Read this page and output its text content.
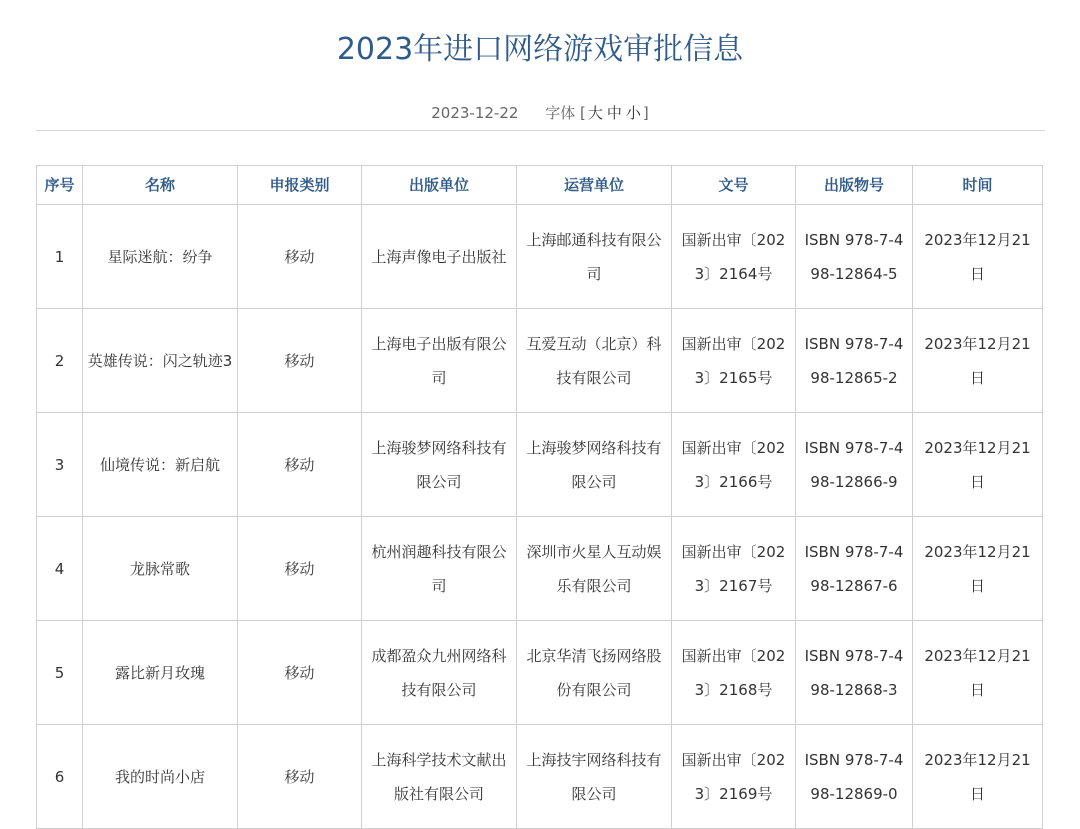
2023年进口网络游戏审批信息
2023-12-22 字体 [ 大 中 小 ]
序号	名称	申报类别	出版单位	运营单位	文号	出版物号	时间
1	星际迷航：纷争	移动	上海声像电子出版社	上海邮通科技有限公司	国新出审〔2023〕2164号	ISBN 978-7-498-12864-5	2023年12月21日
2	英雄传说：闪之轨迹3	移动	上海电子出版有限公司	互爱互动（北京）科技有限公司	国新出审〔2023〕2165号	ISBN 978-7-498-12865-2	2023年12月21日
3	仙境传说：新启航	移动	上海骏梦网络科技有限公司	上海骏梦网络科技有限公司	国新出审〔2023〕2166号	ISBN 978-7-498-12866-9	2023年12月21日
4	龙脉常歌	移动	杭州润趣科技有限公司	深圳市火星人互动娱乐有限公司	国新出审〔2023〕2167号	ISBN 978-7-498-12867-6	2023年12月21日
5	露比新月玫瑰	移动	成都盈众九州网络科技有限公司	北京华清飞扬网络股份有限公司	国新出审〔2023〕2168号	ISBN 978-7-498-12868-3	2023年12月21日
6	我的时尚小店	移动	上海科学技术文献出版社有限公司	上海技宇网络科技有限公司	国新出审〔2023〕2169号	ISBN 978-7-498-12869-0	2023年12月21日
